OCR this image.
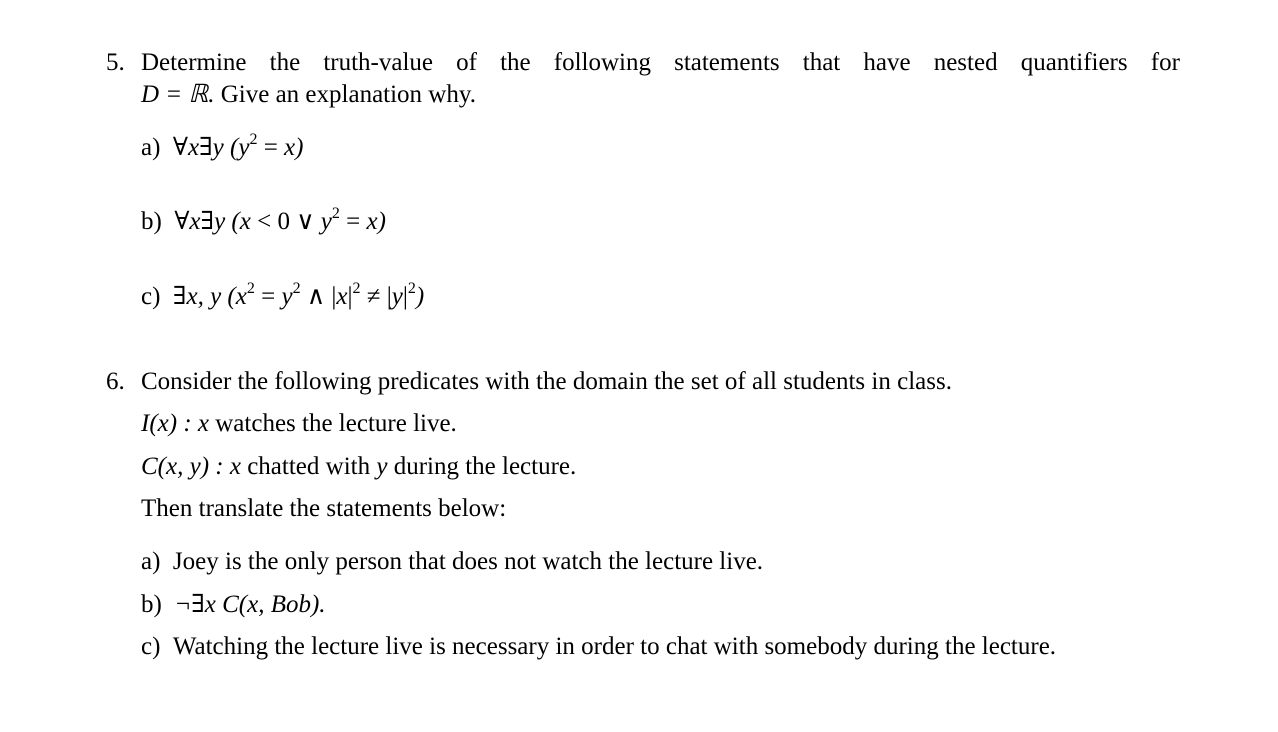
5. Determine the truth-value of the following statements that have nested quantifiers for
D = ℝ. Give an explanation why.
a) ∀x∃y $(y^2 = x)$
b) ∀x∃y (x < 0 ∨ $y^2 = x$)
c) ∃x, y ($x^2 = y^2$ ∧ $|x|^2 \ne |y|^2$)
6. Consider the following predicates with the domain the set of all students in class.
I(x) : x watches the lecture live.
C(x, y) : x chatted with y during the lecture.
Then translate the statements below:
a) Joey is the only person that does not watch the lecture live.
b) ¬∃x C(x, Bob).
c) Watching the lecture live is necessary in order to chat with somebody during the lecture.
